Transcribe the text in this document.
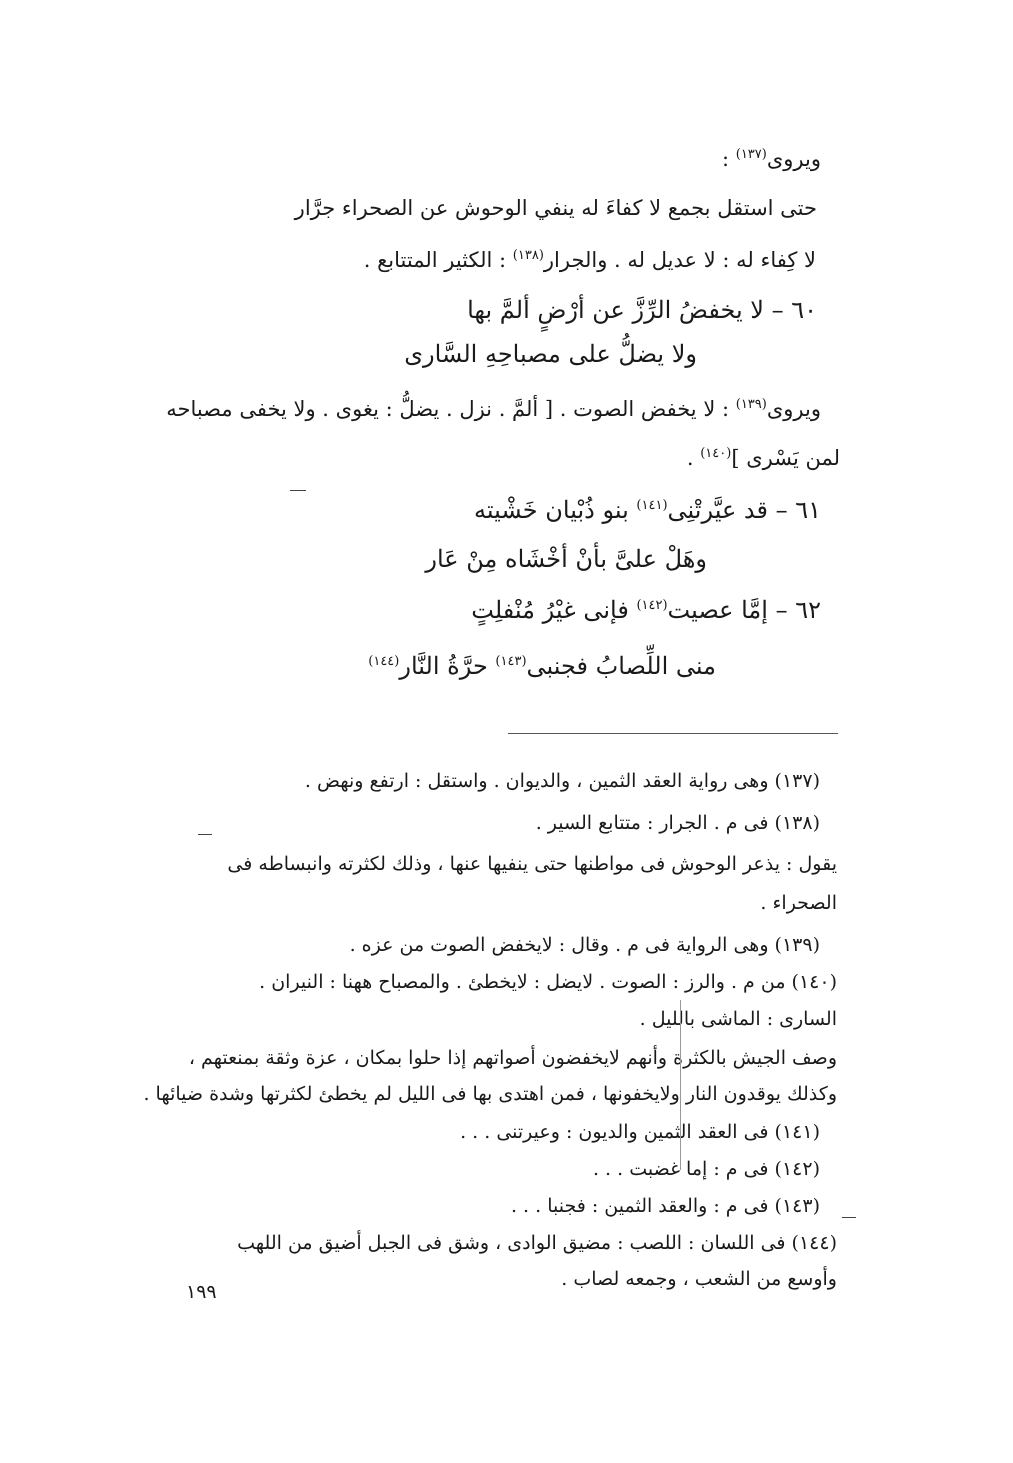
ويروى$^{(١٣٧)}$ :
حتى استقل بجمع لا كفاءَ له ينفي الوحوش عن الصحراء جرَّار
لا كِفاء له : لا عديل له . والجرار$^{(١٣٨)}$ : الكثير المتتابع .
٦٠ – لا يخفضُ الرِّزَّ عن أرْضٍ ألمَّ بها
ولا يضلُّ على مصباحِهِ السَّارى
ويروى$^{(١٣٩)}$ : لا يخفض الصوت . [ ألمَّ . نزل . يضلُّ : يغوى . ولا يخفى مصباحه
لمن يَسْرى ]$^{(١٤٠)}$ .
٦١ – قد عيَّرتْنِى$^{(١٤١)}$ بنو ذُبْيان خَشْيته
وهَلْ علىَّ بأنْ أخْشَاه مِنْ عَار
٦٢ – إمَّا عصيت$^{(١٤٢)}$ فإنى غيْرُ مُنْفلِتٍ
منى اللِّصابُ فجنبى$^{(١٤٣)}$ حرَّةُ النَّار$^{(١٤٤)}$
(١٣٧) وهى رواية العقد الثمين ، والديوان . واستقل : ارتفع ونهض .
(١٣٨) فى م . الجرار : متتابع السير .
يقول : يذعر الوحوش فى مواطنها حتى ينفيها عنها ، وذلك لكثرته وانبساطه فى
الصحراء .
(١٣٩) وهى الرواية فى م . وقال : لايخفض الصوت من عزه .
(١٤٠) من م . والرز : الصوت . لايضل : لايخطئ . والمصباح ههنا : النيران .
السارى : الماشى بالليل .
وصف الجيش بالكثرة وأنهم لايخفضون أصواتهم إذا حلوا بمكان ، عزة وثقة بمنعتهم ،
وكذلك يوقدون النار ولايخفونها ، فمن اهتدى بها فى الليل لم يخطئ لكثرتها وشدة ضيائها .
(١٤١) فى العقد الثمين والديون : وعيرتنى . . .
(١٤٢) فى م : إما غضبت . . .
(١٤٣) فى م : والعقد الثمين : فجنبا . . .
(١٤٤) فى اللسان : اللصب : مضيق الوادى ، وشق فى الجبل أضيق من اللهب
وأوسع من الشعب ، وجمعه لصاب .
١٩٩
